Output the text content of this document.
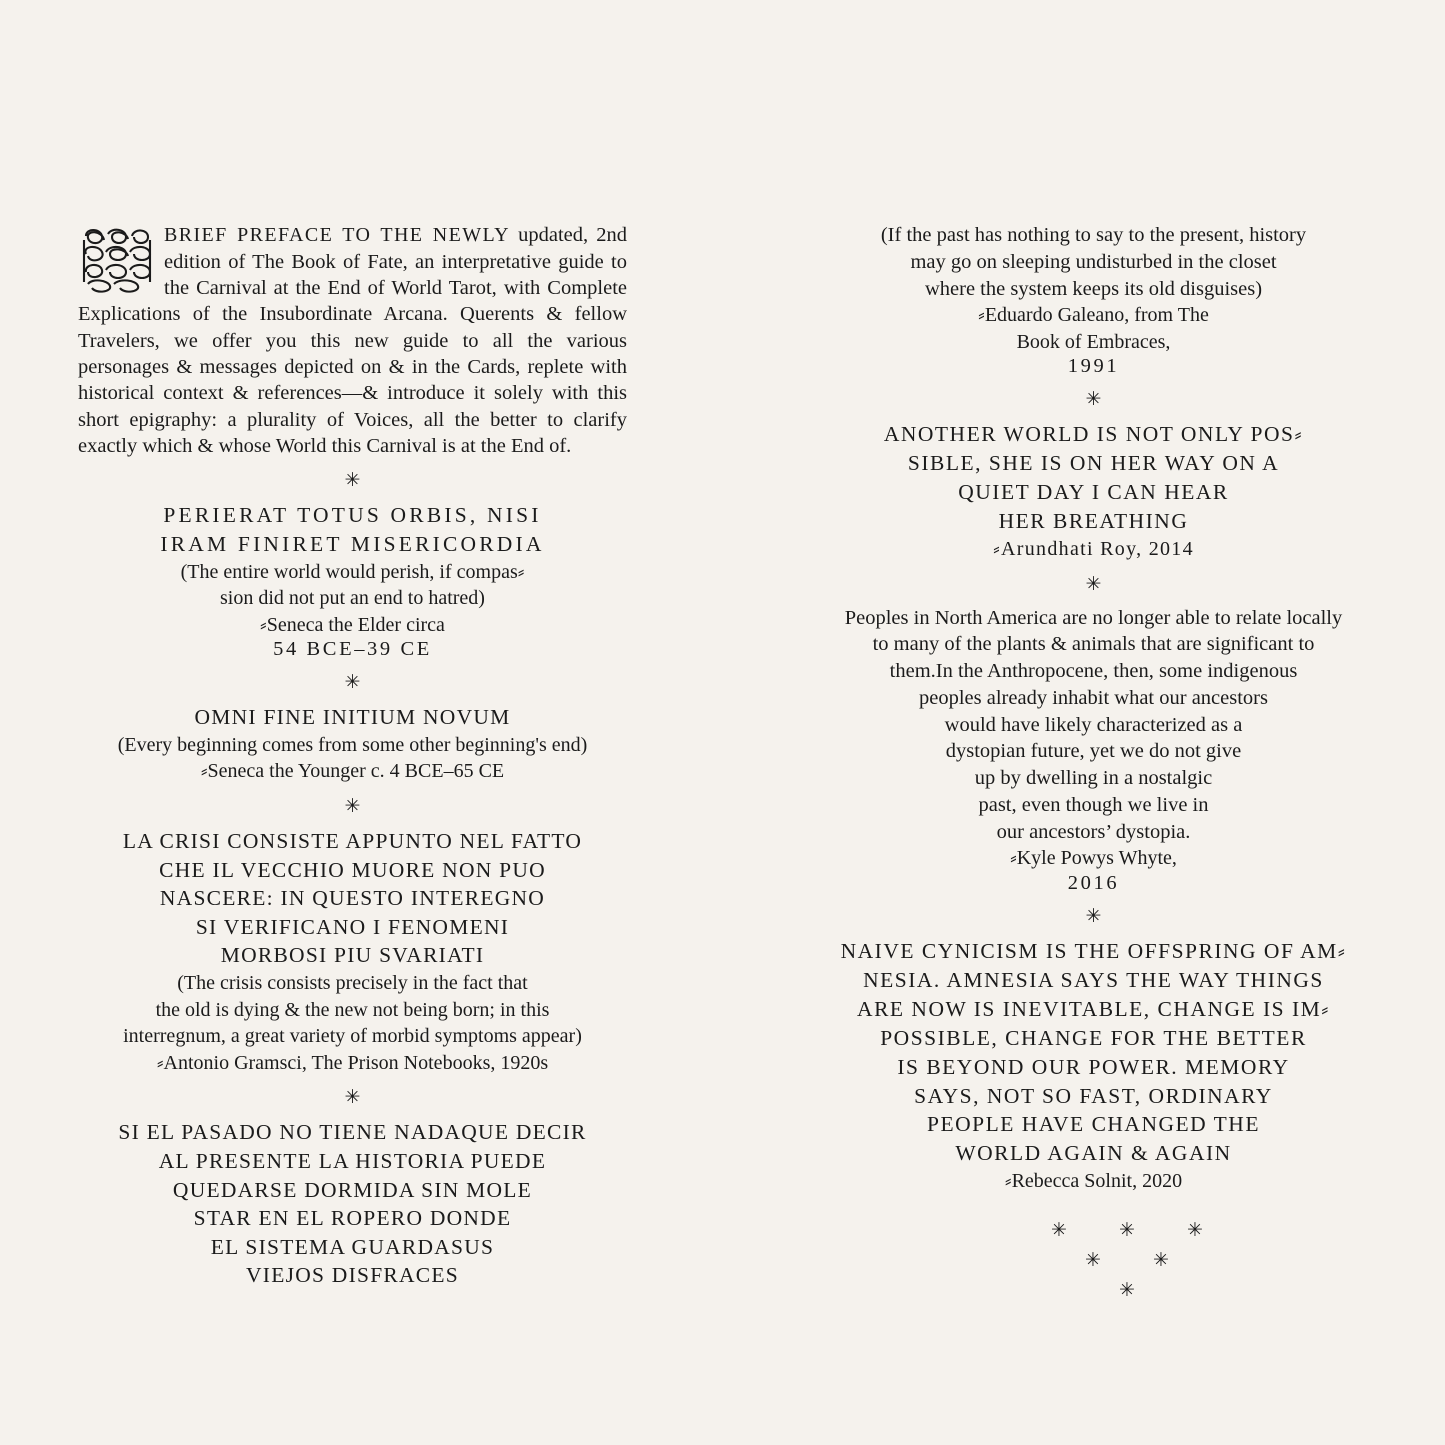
BRIEF PREFACE TO THE NEWLY updated, 2nd edition of The Book of Fate, an interpretative guide to the Carnival at the End of World Tarot, with Complete Explications of the Insubordinate Arcana. Querents & fellow Travelers, we offer you this new guide to all the various personages & messages depicted on & in the Cards, replete with historical context & references—& introduce it solely with this short epigraphy: a plurality of Voices, all the better to clarify exactly which & whose World this Carnival is at the End of.
✳
PERIERAT TOTUS ORBIS, NISI
IRAM FINIRET MISERICORDIA
(The entire world would perish, if compas⸗
sion did not put an end to hatred)
⸗Seneca the Elder circa
54 BCE–39 CE
✳
OMNI FINE INITIUM NOVUM
(Every beginning comes from some other beginning's end)
⸗Seneca the Younger c. 4 BCE–65 CE
✳
LA CRISI CONSISTE APPUNTO NEL FATTO
CHE IL VECCHIO MUORE NON PUO
NASCERE: IN QUESTO INTEREGNO
SI VERIFICANO I FENOMENI
MORBOSI PIU SVARIATI
(The crisis consists precisely in the fact that
the old is dying & the new not being born; in this
interregnum, a great variety of morbid symptoms appear)
⸗Antonio Gramsci, The Prison Notebooks, 1920s
✳
SI EL PASADO NO TIENE NADAQUE DECIR
AL PRESENTE LA HISTORIA PUEDE
QUEDARSE DORMIDA SIN MOLE
STAR EN EL ROPERO DONDE
EL SISTEMA GUARDASUS
VIEJOS DISFRACES
(If the past has nothing to say to the present, history
may go on sleeping undisturbed in the closet
where the system keeps its old disguises)
⸗Eduardo Galeano, from The
Book of Embraces,
1991
✳
ANOTHER WORLD IS NOT ONLY POS⸗
SIBLE, SHE IS ON HER WAY ON A
QUIET DAY I CAN HEAR
HER BREATHING
⸗Arundhati Roy, 2014
✳
Peoples in North America are no longer able to relate locally
to many of the plants & animals that are significant to
them.In the Anthropocene, then, some indigenous
peoples already inhabit what our ancestors
would have likely characterized as a
dystopian future, yet we do not give
up by dwelling in a nostalgic
past, even though we live in
our ancestors’ dystopia.
⸗Kyle Powys Whyte,
2016
✳
NAIVE CYNICISM IS THE OFFSPRING OF AM⸗
NESIA. AMNESIA SAYS THE WAY THINGS
ARE NOW IS INEVITABLE, CHANGE IS IM⸗
POSSIBLE, CHANGE FOR THE BETTER
IS BEYOND OUR POWER. MEMORY
SAYS, NOT SO FAST, ORDINARY
PEOPLE HAVE CHANGED THE
WORLD AGAIN & AGAIN
⸗Rebecca Solnit, 2020
✳	✳	✳
✳	✳
✳
